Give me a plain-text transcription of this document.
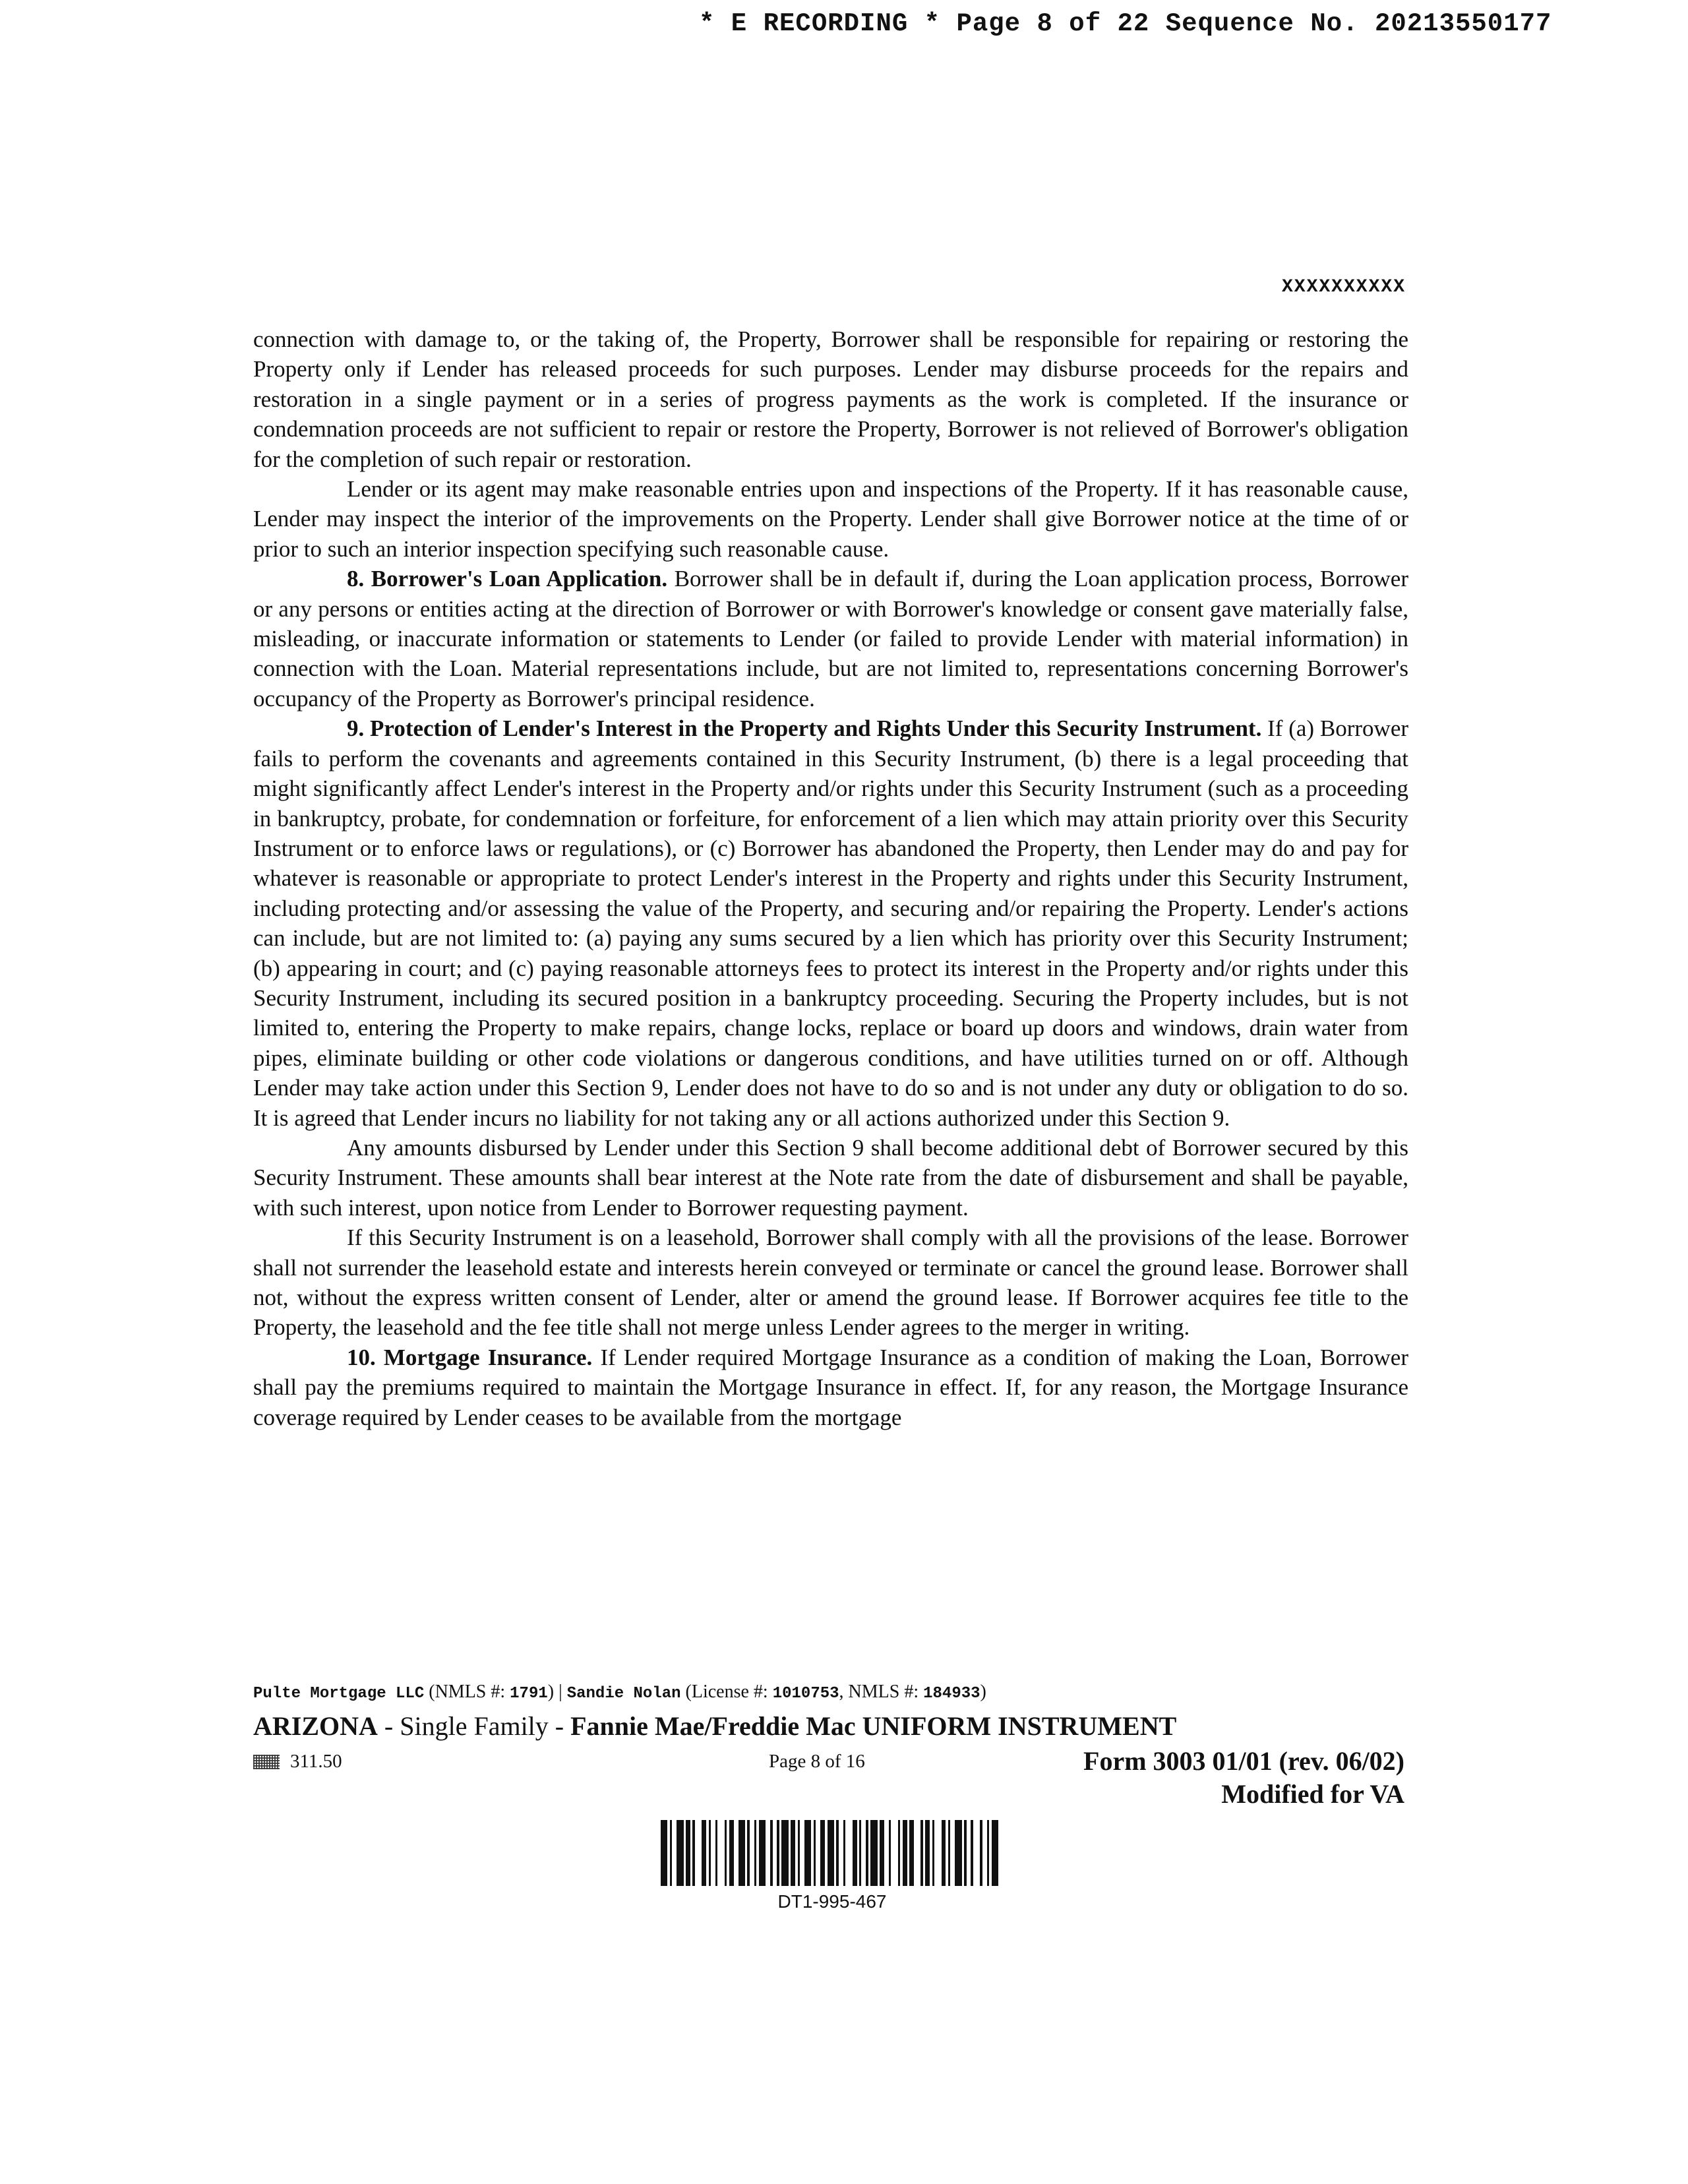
* E RECORDING * Page 8 of 22 Sequence No. 20213550177
XXXXXXXXXX

connection with damage to, or the taking of, the Property, Borrower shall be responsible for repairing or restoring the Property only if Lender has released proceeds for such purposes. Lender may disburse proceeds for the repairs and restoration in a single payment or in a series of progress payments as the work is completed. If the insurance or condemnation proceeds are not sufficient to repair or restore the Property, Borrower is not relieved of Borrower's obligation for the completion of such repair or restoration.

Lender or its agent may make reasonable entries upon and inspections of the Property. If it has reasonable cause, Lender may inspect the interior of the improvements on the Property. Lender shall give Borrower notice at the time of or prior to such an interior inspection specifying such reasonable cause.

8. Borrower's Loan Application. Borrower shall be in default if, during the Loan application process, Borrower or any persons or entities acting at the direction of Borrower or with Borrower's knowledge or consent gave materially false, misleading, or inaccurate information or statements to Lender (or failed to provide Lender with material information) in connection with the Loan. Material representations include, but are not limited to, representations concerning Borrower's occupancy of the Property as Borrower's principal residence.

9. Protection of Lender's Interest in the Property and Rights Under this Security Instrument. If (a) Borrower fails to perform the covenants and agreements contained in this Security Instrument, (b) there is a legal proceeding that might significantly affect Lender's interest in the Property and/or rights under this Security Instrument (such as a proceeding in bankruptcy, probate, for condemnation or forfeiture, for enforcement of a lien which may attain priority over this Security Instrument or to enforce laws or regulations), or (c) Borrower has abandoned the Property, then Lender may do and pay for whatever is reasonable or appropriate to protect Lender's interest in the Property and rights under this Security Instrument, including protecting and/or assessing the value of the Property, and securing and/or repairing the Property. Lender's actions can include, but are not limited to: (a) paying any sums secured by a lien which has priority over this Security Instrument; (b) appearing in court; and (c) paying reasonable attorneys fees to protect its interest in the Property and/or rights under this Security Instrument, including its secured position in a bankruptcy proceeding. Securing the Property includes, but is not limited to, entering the Property to make repairs, change locks, replace or board up doors and windows, drain water from pipes, eliminate building or other code violations or dangerous conditions, and have utilities turned on or off. Although Lender may take action under this Section 9, Lender does not have to do so and is not under any duty or obligation to do so. It is agreed that Lender incurs no liability for not taking any or all actions authorized under this Section 9.

Any amounts disbursed by Lender under this Section 9 shall become additional debt of Borrower secured by this Security Instrument. These amounts shall bear interest at the Note rate from the date of disbursement and shall be payable, with such interest, upon notice from Lender to Borrower requesting payment.

If this Security Instrument is on a leasehold, Borrower shall comply with all the provisions of the lease. Borrower shall not surrender the leasehold estate and interests herein conveyed or terminate or cancel the ground lease. Borrower shall not, without the express written consent of Lender, alter or amend the ground lease. If Borrower acquires fee title to the Property, the leasehold and the fee title shall not merge unless Lender agrees to the merger in writing.

10. Mortgage Insurance. If Lender required Mortgage Insurance as a condition of making the Loan, Borrower shall pay the premiums required to maintain the Mortgage Insurance in effect. If, for any reason, the Mortgage Insurance coverage required by Lender ceases to be available from the mortgage

Pulte Mortgage LLC (NMLS #: 1791) | Sandie Nolan (License #: 1010753, NMLS #: 184933)
ARIZONA - Single Family - Fannie Mae/Freddie Mac UNIFORM INSTRUMENT
311.50	Page 8 of 16	Form 3003 01/01 (rev. 06/02)
Modified for VA
DT1-995-467
